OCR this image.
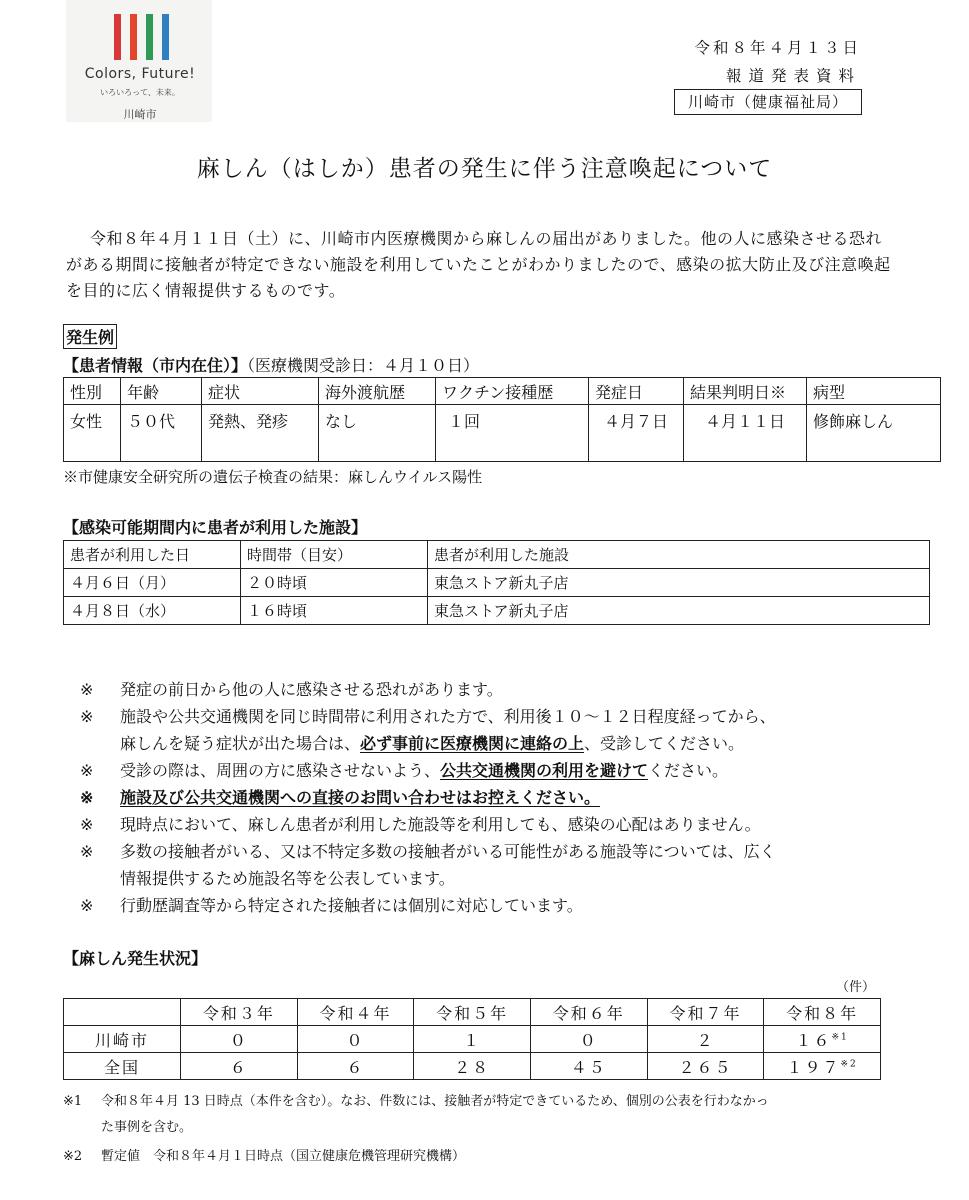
Colors, Future!
いろいろって、未来。
川崎市
令和８年４月１３日
報道発表資料
川崎市（健康福祉局）
麻しん（はしか）患者の発生に伴う注意喚起について
令和８年４月１１日（土）に、川崎市内医療機関から麻しんの届出がありました。他の人に感染させる恐れがある期間に接触者が特定できない施設を利用していたことがわかりましたので、感染の拡大防止及び注意喚起を目的に広く情報提供するものです。
発生例
【患者情報（市内在住）】（医療機関受診日：４月１０日）
性別	年齢	症状	海外渡航歴	ワクチン接種歴	発症日	結果判明日※	病型
女性	５０代	発熱、発疹	なし	１回	４月７日	４月１１日	修飾麻しん
※市健康安全研究所の遺伝子検査の結果：麻しんウイルス陽性
【感染可能期間内に患者が利用した施設】
患者が利用した日	時間帯（目安）	患者が利用した施設
４月６日（月）	２０時頃	東急ストア新丸子店
４月８日（水）	１６時頃	東急ストア新丸子店
※	発症の前日から他の人に感染させる恐れがあります。
※	施設や公共交通機関を同じ時間帯に利用された方で、利用後１０～１２日程度経ってから、
麻しんを疑う症状が出た場合は、必ず事前に医療機関に連絡の上、受診してください。
※	受診の際は、周囲の方に感染させないよう、公共交通機関の利用を避けてください。
※	施設及び公共交通機関への直接のお問い合わせはお控えください。
※	現時点において、麻しん患者が利用した施設等を利用しても、感染の心配はありません。
※	多数の接触者がいる、又は不特定多数の接触者がいる可能性がある施設等については、広く
情報提供するため施設名等を公表しています。
※	行動歴調査等から特定された接触者には個別に対応しています。
【麻しん発生状況】
（件）
	令和３年	令和４年	令和５年	令和６年	令和７年	令和８年
川崎市	０	０	１	０	２	１６$^{※1}$
全国	６	６	２８	４５	２６５	１９７$^{※2}$
※1 令和８年４月 13 日時点（本件を含む）。なお、件数には、接触者が特定できているため、個別の公表を行わなかっ
た事例を含む。
※2 暫定値　令和８年４月１日時点（国立健康危機管理研究機構）
